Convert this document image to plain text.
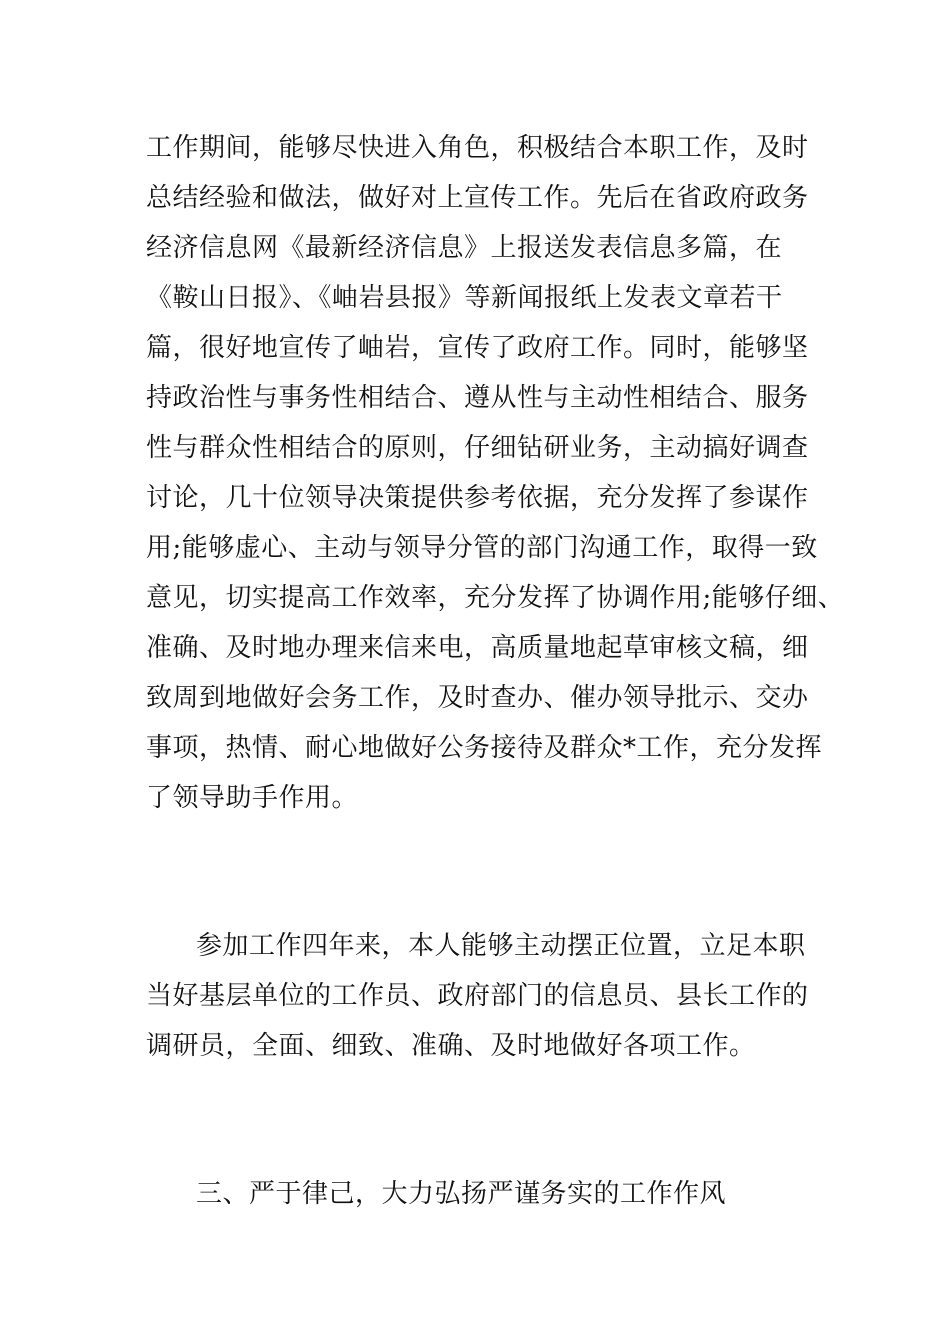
工作期间，能够尽快进入角色，积极结合本职工作，及时
总结经验和做法，做好对上宣传工作。先后在省政府政务
经济信息网《最新经济信息》上报送发表信息多篇，在
《鞍山日报》、《岫岩县报》等新闻报纸上发表文章若干
篇，很好地宣传了岫岩，宣传了政府工作。同时，能够坚
持政治性与事务性相结合、遵从性与主动性相结合、服务
性与群众性相结合的原则，仔细钻研业务，主动搞好调查
讨论，几十位领导决策提供参考依据，充分发挥了参谋作
用;能够虚心、主动与领导分管的部门沟通工作，取得一致
意见，切实提高工作效率，充分发挥了协调作用;能够仔细、
准确、及时地办理来信来电，高质量地起草审核文稿，细
致周到地做好会务工作，及时查办、催办领导批示、交办
事项，热情、耐心地做好公务接待及群众*工作，充分发挥
了领导助手作用。
参加工作四年来，本人能够主动摆正位置，立足本职
当好基层单位的工作员、政府部门的信息员、县长工作的
调研员，全面、细致、准确、及时地做好各项工作。
三、严于律己，大力弘扬严谨务实的工作作风
